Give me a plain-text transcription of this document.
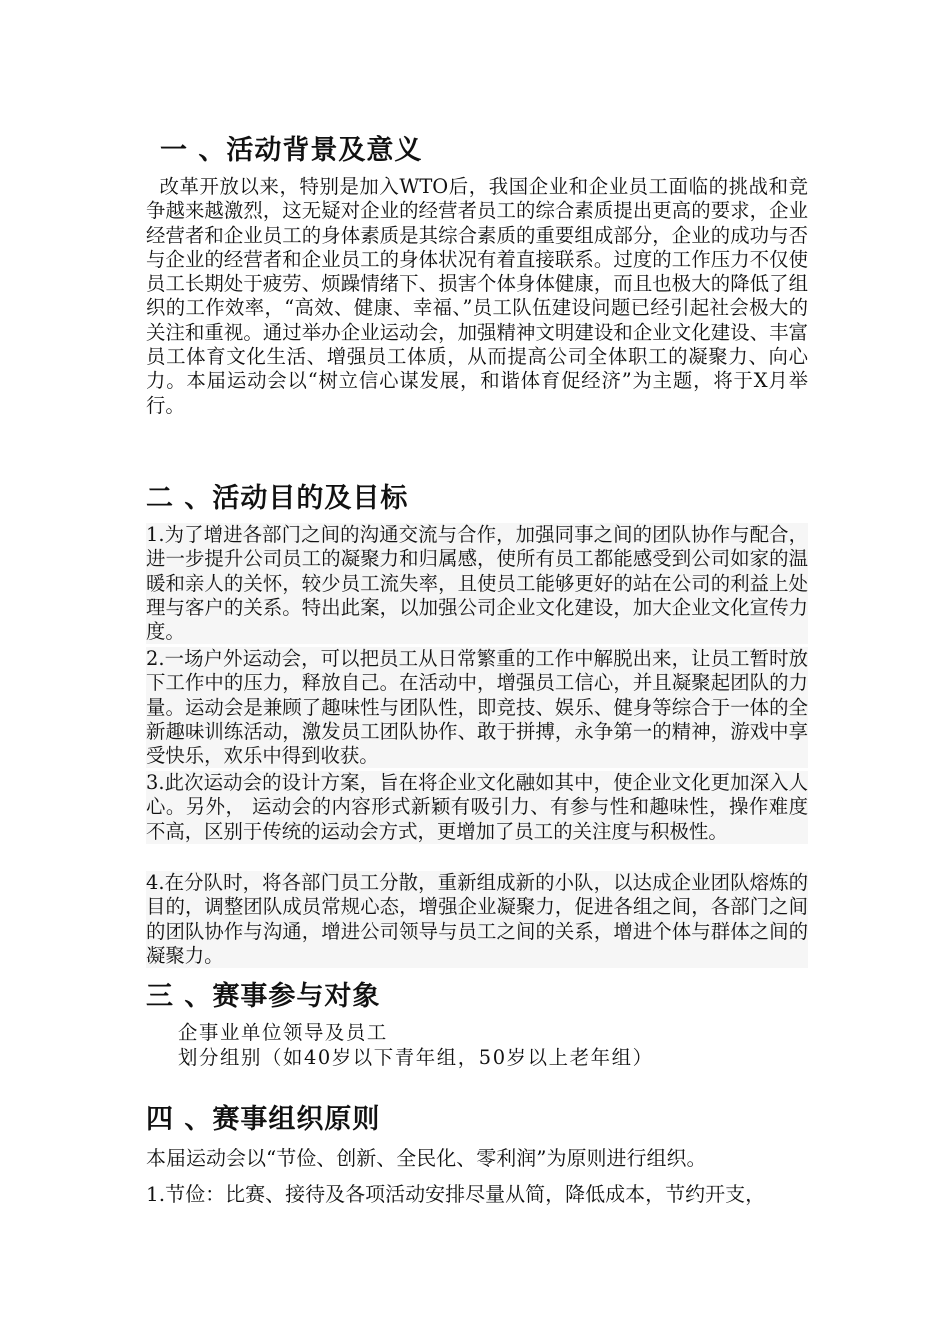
一 、活动背景及意义
改革开放以来，特别是加入WTO后，我国企业和企业员工面临的挑战和竞争越来越激烈，这无疑对企业的经营者员工的综合素质提出更高的要求，企业经营者和企业员工的身体素质是其综合素质的重要组成部分，企业的成功与否与企业的经营者和企业员工的身体状况有着直接联系。过度的工作压力不仅使员工长期处于疲劳、烦躁情绪下、损害个体身体健康，而且也极大的降低了组织的工作效率，“高效、健康、幸福、”员工队伍建设问题已经引起社会极大的关注和重视。通过举办企业运动会，加强精神文明建设和企业文化建设、丰富员工体育文化生活、增强员工体质，从而提高公司全体职工的凝聚力、向心力。本届运动会以“树立信心谋发展，和谐体育促经济”为主题，将于X月举行。
二 、活动目的及目标
1.为了增进各部门之间的沟通交流与合作，加强同事之间的团队协作与配合，进一步提升公司员工的凝聚力和归属感，使所有员工都能感受到公司如家的温暖和亲人的关怀，较少员工流失率，且使员工能够更好的站在公司的利益上处理与客户的关系。特出此案，以加强公司企业文化建设，加大企业文化宣传力度。
2.一场户外运动会，可以把员工从日常繁重的工作中解脱出来，让员工暂时放下工作中的压力，释放自己。在活动中，增强员工信心，并且凝聚起团队的力量。运动会是兼顾了趣味性与团队性，即竞技、娱乐、健身等综合于一体的全新趣味训练活动，激发员工团队协作、敢于拼搏，永争第一的精神，游戏中享受快乐，欢乐中得到收获。
3.此次运动会的设计方案，旨在将企业文化融如其中，使企业文化更加深入人心。另外， 运动会的内容形式新颖有吸引力、有参与性和趣味性，操作难度不高，区别于传统的运动会方式，更增加了员工的关注度与积极性。
4.在分队时，将各部门员工分散，重新组成新的小队，以达成企业团队熔炼的目的，调整团队成员常规心态，增强企业凝聚力，促进各组之间，各部门之间的团队协作与沟通，增进公司领导与员工之间的关系，增进个体与群体之间的凝聚力。
三 、赛事参与对象
企事业单位领导及员工
划分组别（如40岁以下青年组，50岁以上老年组）
四 、赛事组织原则
本届运动会以“节俭、创新、全民化、零利润”为原则进行组织。
1.节俭：比赛、接待及各项活动安排尽量从简，降低成本，节约开支，
